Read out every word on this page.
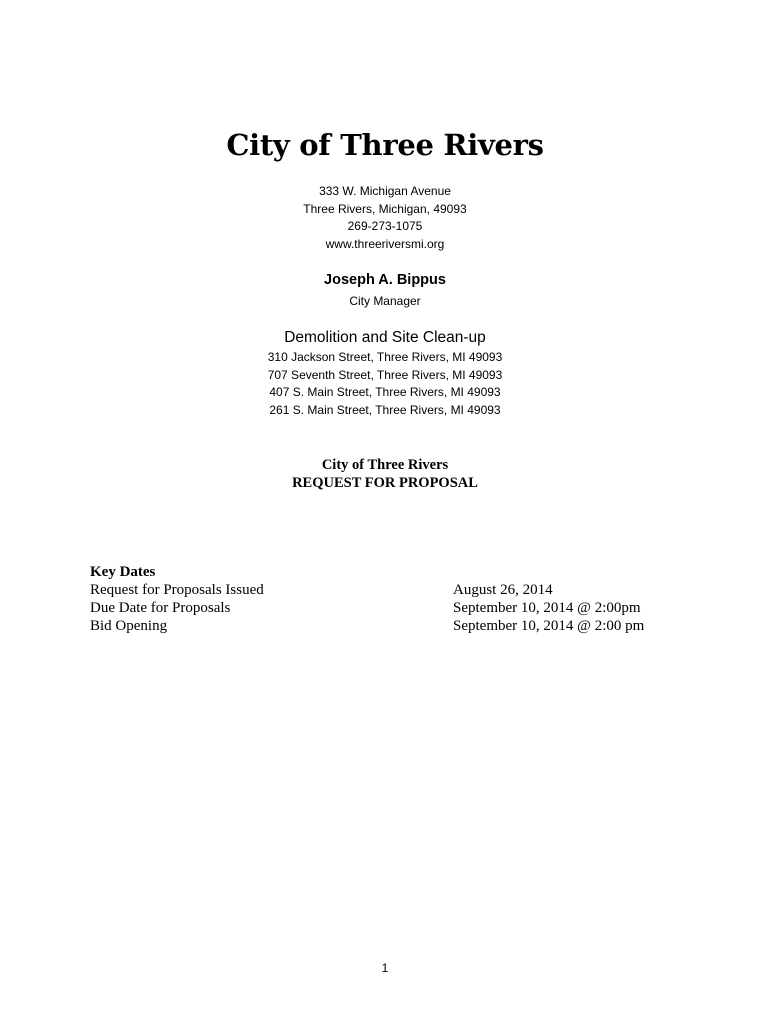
City of Three Rivers
333 W. Michigan Avenue
Three Rivers, Michigan, 49093
269-273-1075
www.threeriversmi.org
Joseph A. Bippus
City Manager
Demolition and Site Clean-up
310 Jackson Street, Three Rivers, MI 49093
707 Seventh Street, Three Rivers, MI 49093
407 S. Main Street, Three Rivers, MI 49093
261 S. Main Street, Three Rivers, MI 49093
City of Three Rivers
REQUEST FOR PROPOSAL
Key Dates
Request for Proposals Issued	August 26, 2014
Due Date for Proposals	September 10, 2014 @ 2:00pm
Bid Opening	September 10, 2014 @ 2:00 pm
1
